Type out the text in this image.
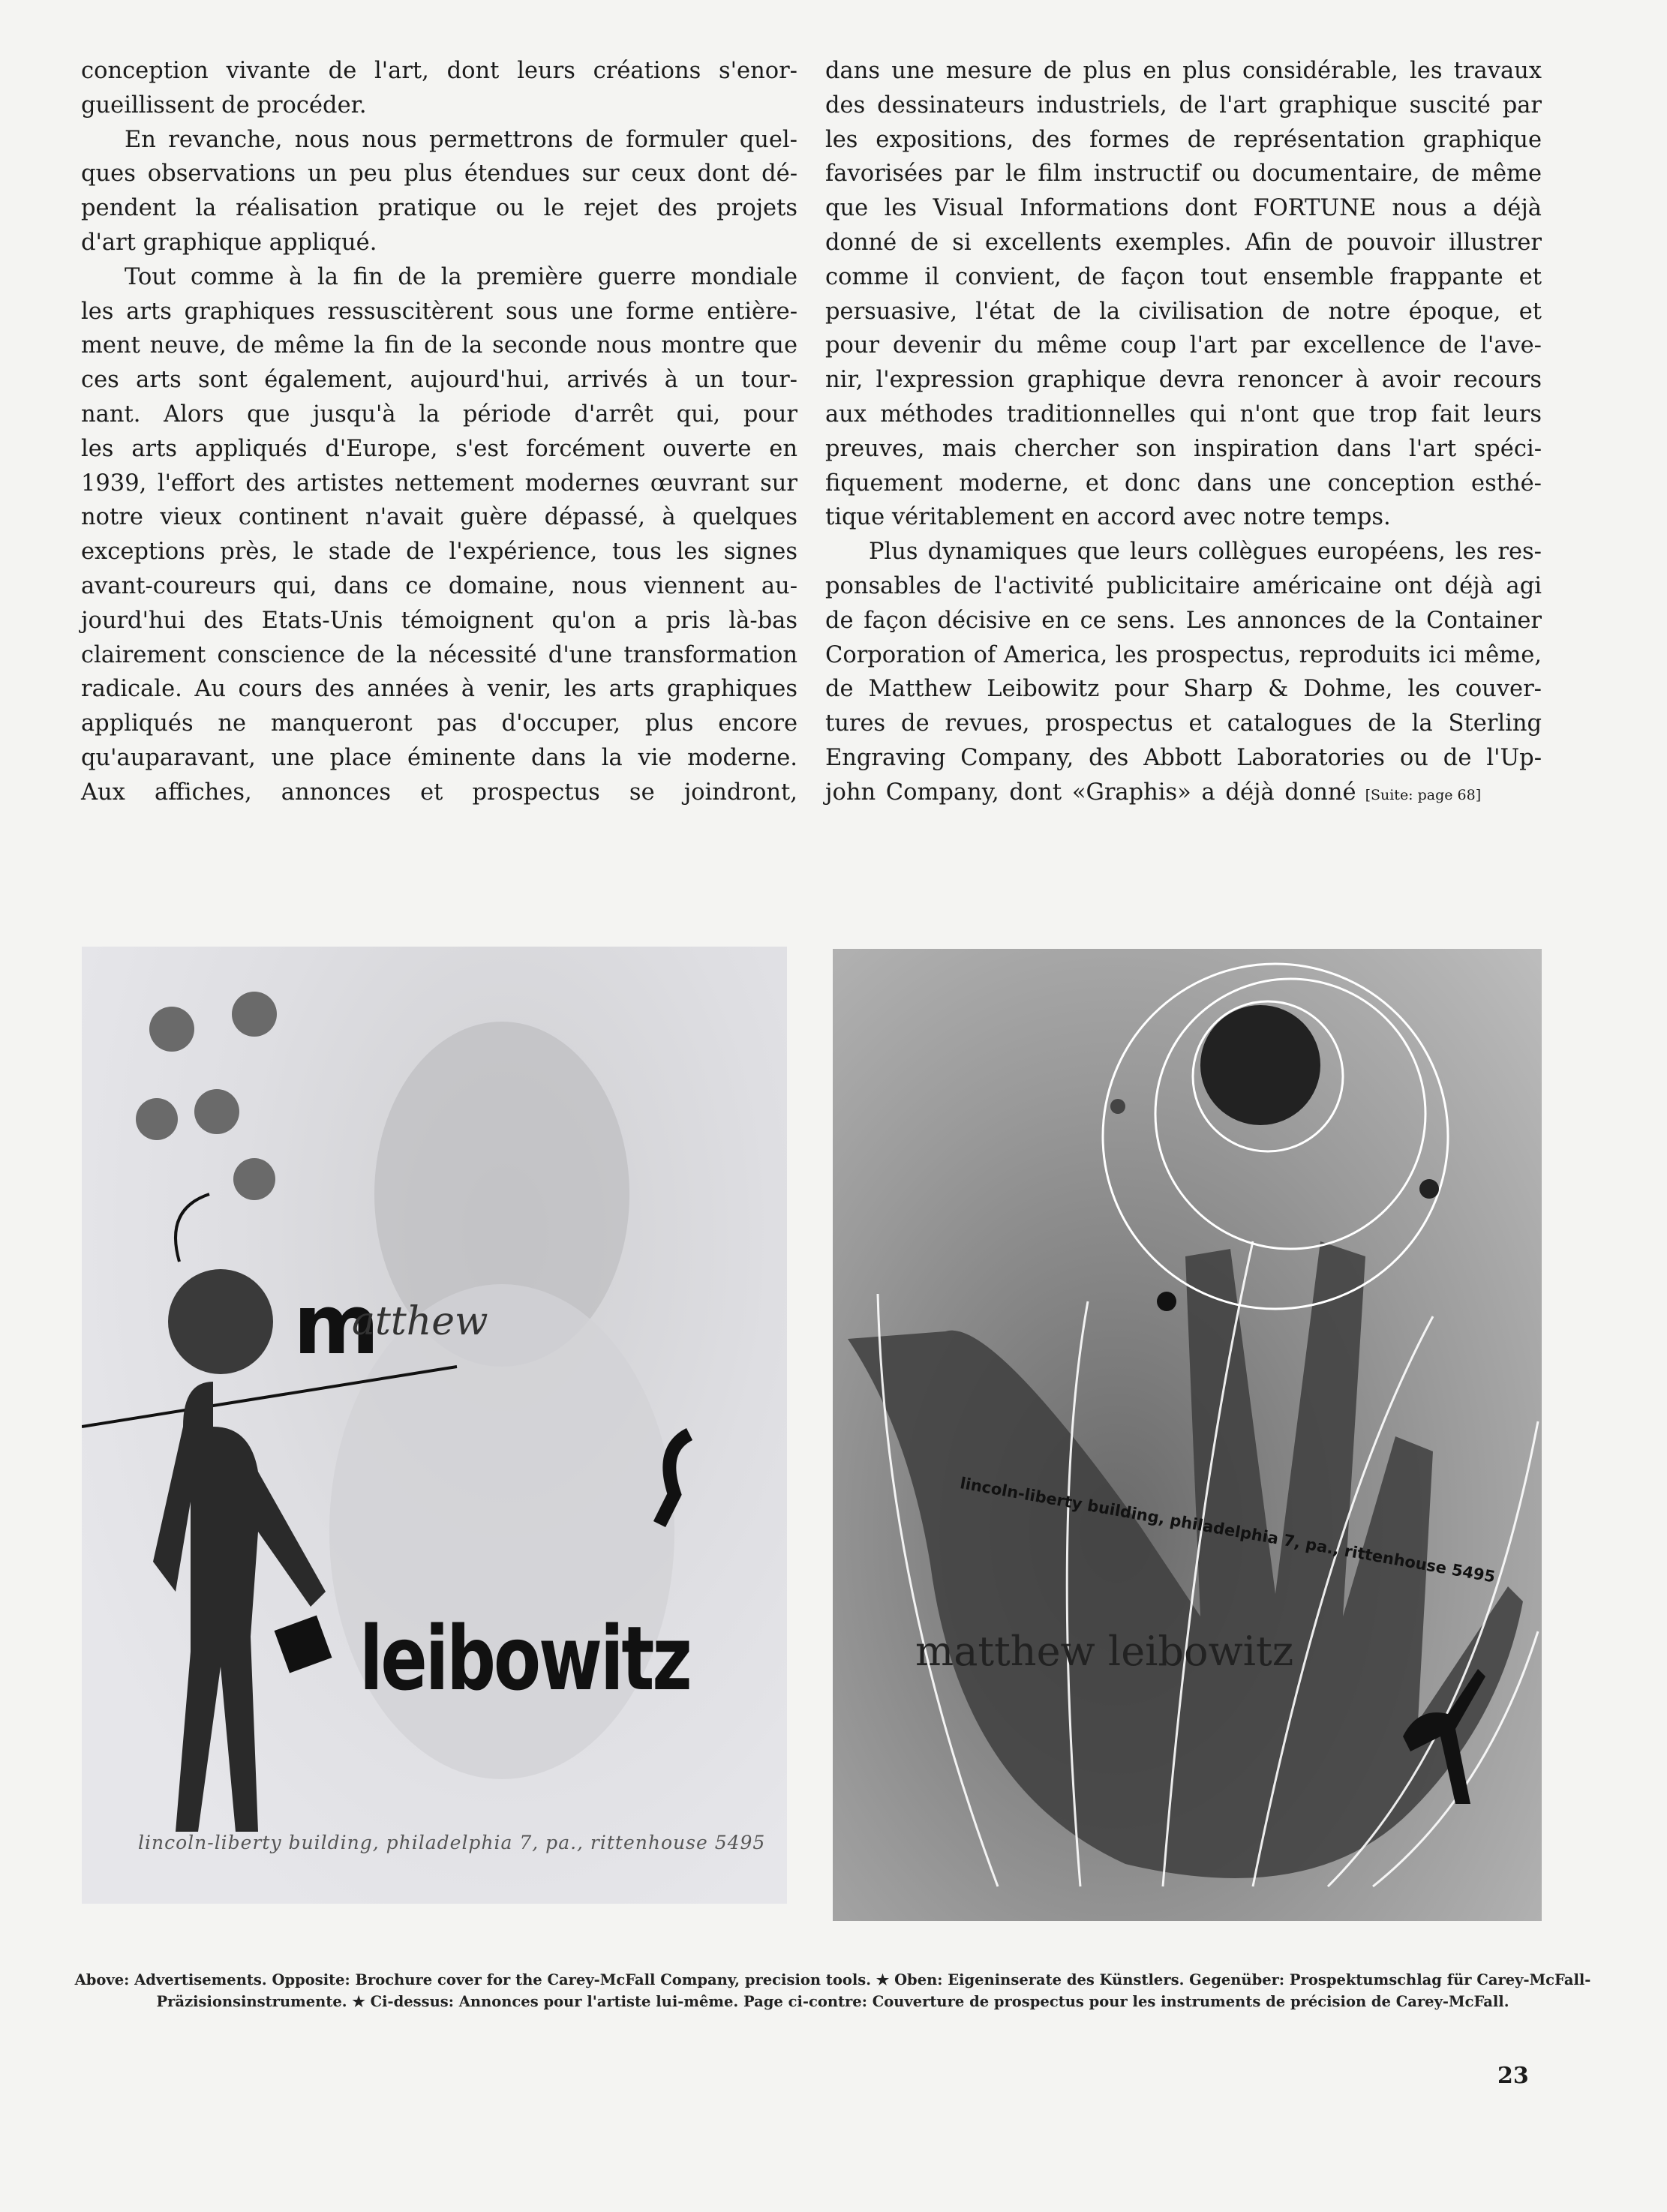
conception vivante de l'art, dont leurs créations s'enor-
gueillissent de procéder.
En revanche, nous nous permettrons de formuler quel-
ques observations un peu plus étendues sur ceux dont dé-
pendent la réalisation pratique ou le rejet des projets
d'art graphique appliqué.
Tout comme à la fin de la première guerre mondiale
les arts graphiques ressuscitèrent sous une forme entière-
ment neuve, de même la fin de la seconde nous montre que
ces arts sont également, aujourd'hui, arrivés à un tour-
nant. Alors que jusqu'à la période d'arrêt qui, pour
les arts appliqués d'Europe, s'est forcément ouverte en
1939, l'effort des artistes nettement modernes œuvrant sur
notre vieux continent n'avait guère dépassé, à quelques
exceptions près, le stade de l'expérience, tous les signes
avant-coureurs qui, dans ce domaine, nous viennent au-
jourd'hui des Etats-Unis témoignent qu'on a pris là-bas
clairement conscience de la nécessité d'une transformation
radicale. Au cours des années à venir, les arts graphiques
appliqués ne manqueront pas d'occuper, plus encore
qu'auparavant, une place éminente dans la vie moderne.
Aux affiches, annonces et prospectus se joindront,
dans une mesure de plus en plus considérable, les travaux
des dessinateurs industriels, de l'art graphique suscité par
les expositions, des formes de représentation graphique
favorisées par le film instructif ou documentaire, de même
que les Visual Informations dont FORTUNE nous a déjà
donné de si excellents exemples. Afin de pouvoir illustrer
comme il convient, de façon tout ensemble frappante et
persuasive, l'état de la civilisation de notre époque, et
pour devenir du même coup l'art par excellence de l'ave-
nir, l'expression graphique devra renoncer à avoir recours
aux méthodes traditionnelles qui n'ont que trop fait leurs
preuves, mais chercher son inspiration dans l'art spéci-
fiquement moderne, et donc dans une conception esthé-
tique véritablement en accord avec notre temps.
Plus dynamiques que leurs collègues européens, les res-
ponsables de l'activité publicitaire américaine ont déjà agi
de façon décisive en ce sens. Les annonces de la Container
Corporation of America, les prospectus, reproduits ici même,
de Matthew Leibowitz pour Sharp & Dohme, les couver-
tures de revues, prospectus et catalogues de la Sterling
Engraving Company, des Abbott Laboratories ou de l'Up-
john Company, dont «Graphis» a déjà donné [Suite: page 68]
m
atthew
leibowitz
lincoln-liberty building, philadelphia 7, pa., rittenhouse 5495
lincoln-liberty building, philadelphia 7, pa., rittenhouse 5495
matthew leibowitz
Above: Advertisements. Opposite: Brochure cover for the Carey-McFall Company, precision tools. ★ Oben: Eigeninserate des Künstlers. Gegenüber: Prospektumschlag für Carey-McFall-Präzisionsinstrumente. ★ Ci-dessus: Annonces pour l'artiste lui-même. Page ci-contre: Couverture de prospectus pour les instruments de précision de Carey-McFall.
23
